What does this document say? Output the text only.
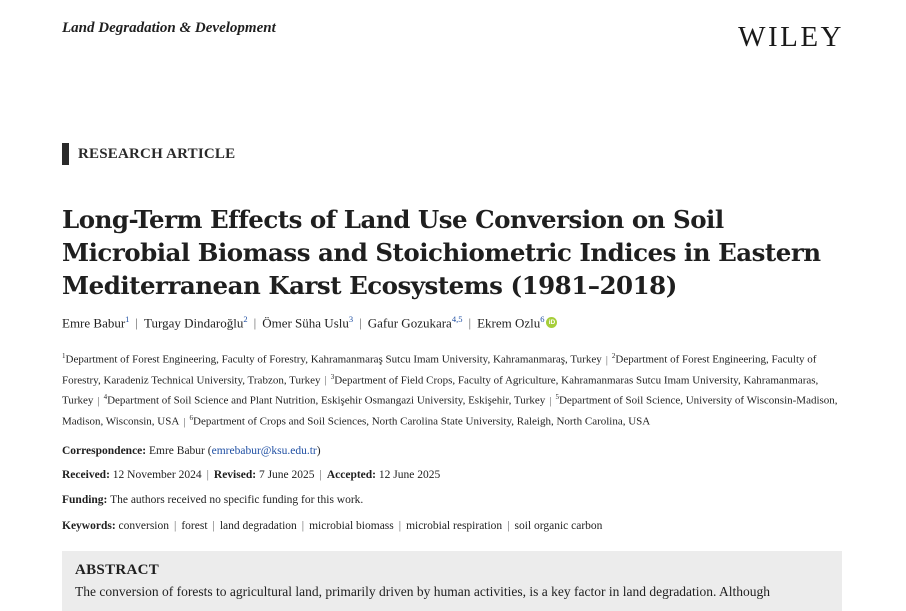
Land Degradation & Development	WILEY
RESEARCH ARTICLE
Long-Term Effects of Land Use Conversion on Soil
Microbial Biomass and Stoichiometric Indices in Eastern
Mediterranean Karst Ecosystems (1981–2018)
Emre Babur$^1$ | Turgay Dindaroğlu$^2$ | Ömer Süha Uslu$^3$ | Gafur Gozukara$^{4,5}$ | Ekrem Ozlu$^6$ iD
$^1$Department of Forest Engineering, Faculty of Forestry, Kahramanmaraş Sutcu Imam University, Kahramanmaraş, Turkey | $^2$Department of Forest Engineering, Faculty of Forestry, Karadeniz Technical University, Trabzon, Turkey | $^3$Department of Field Crops, Faculty of Agriculture, Kahramanmaras Sutcu Imam University, Kahramanmaras, Turkey | $^4$Department of Soil Science and Plant Nutrition, Eskişehir Osmangazi University, Eskişehir, Turkey | $^5$Department of Soil Science, University of Wisconsin-Madison, Madison, Wisconsin, USA | $^6$Department of Crops and Soil Sciences, North Carolina State University, Raleigh, North Carolina, USA
Correspondence: Emre Babur (emrebabur@ksu.edu.tr)
Received: 12 November 2024 | Revised: 7 June 2025 | Accepted: 12 June 2025
Funding: The authors received no specific funding for this work.
Keywords: conversion | forest | land degradation | microbial biomass | microbial respiration | soil organic carbon
ABSTRACT
The conversion of forests to agricultural land, primarily driven by human activities, is a key factor in land degradation. Although
